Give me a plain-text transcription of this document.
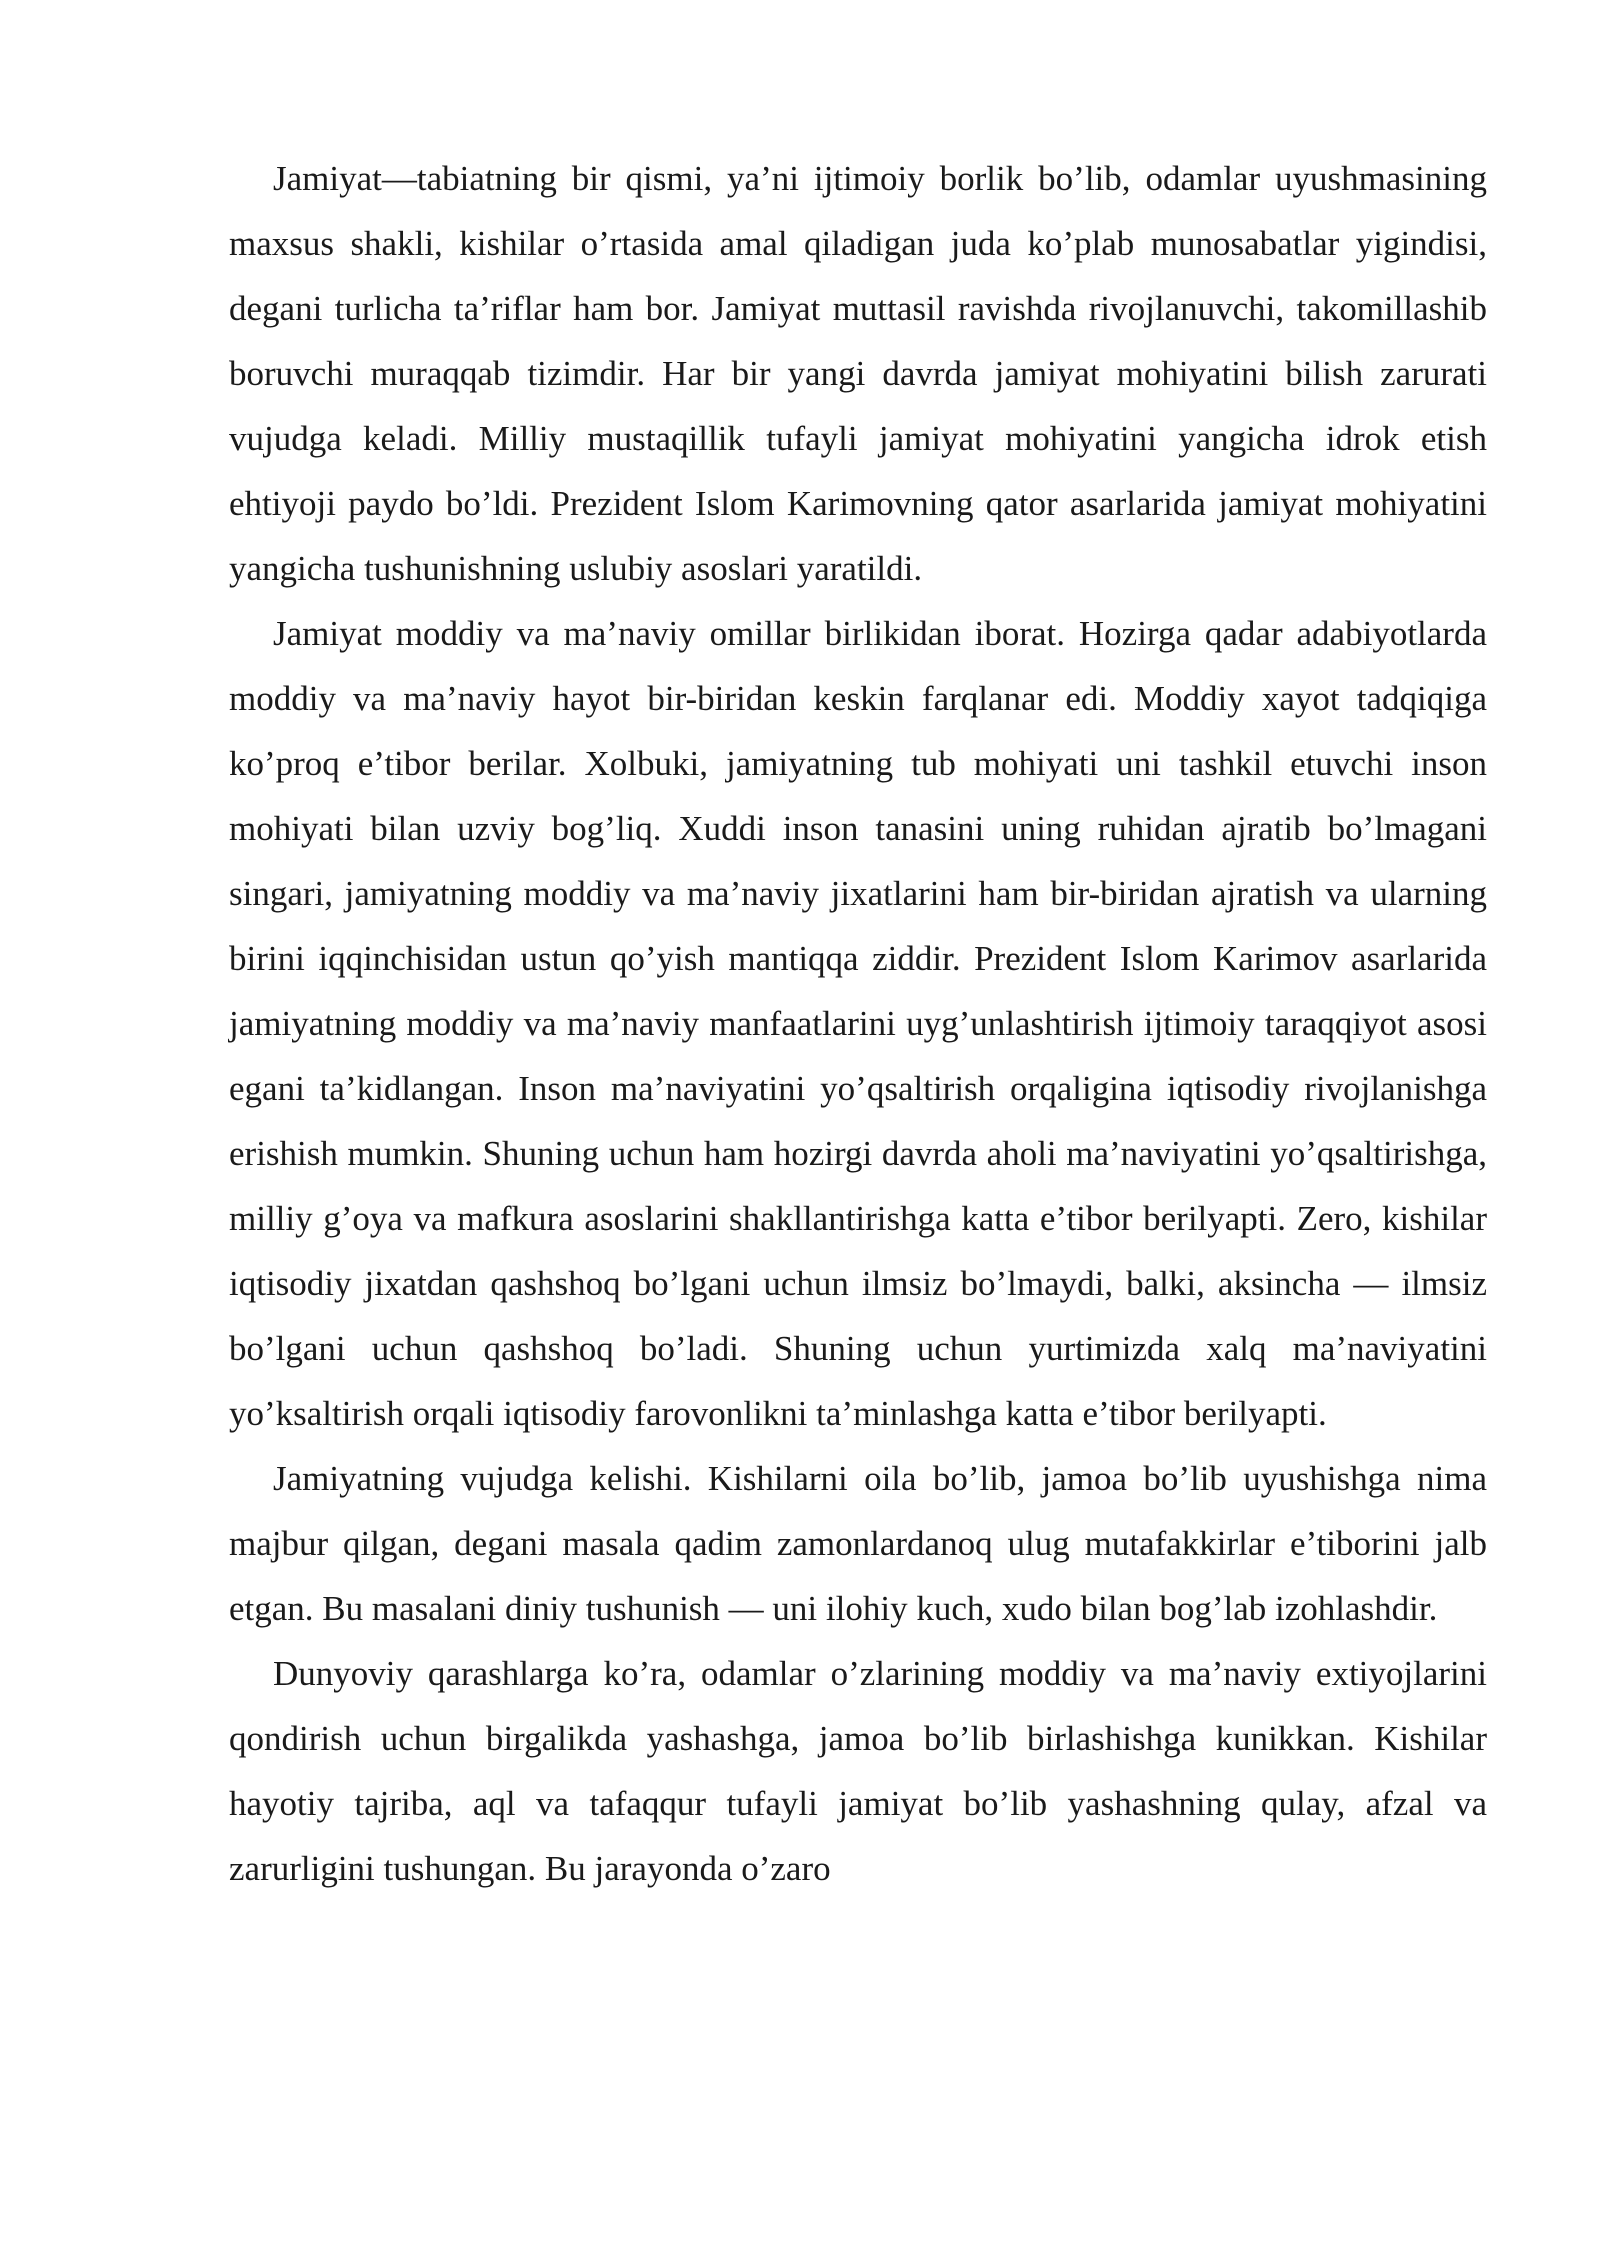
Jamiyat—tabiatning bir qismi, ya’ni ijtimoiy borlik bo’lib, odamlar uyushmasining maxsus shakli, kishilar o’rtasida amal qiladigan juda ko’plab munosabatlar yigindisi, degani turlicha ta’riflar ham bor. Jamiyat muttasil ravishda rivojlanuvchi, takomillashib boruvchi muraqqab tizimdir. Har bir yangi davrda jamiyat mohiyatini bilish zarurati vujudga keladi. Milliy mustaqillik tufayli jamiyat mohiyatini yangicha idrok etish ehtiyoji paydo bo’ldi. Prezident Islom Karimovning qator asarlarida jamiyat mohiyatini yangicha tushunishning uslubiy asoslari yaratildi.

Jamiyat moddiy va ma’naviy omillar birlikidan iborat. Hozirga qadar adabiyotlarda moddiy va ma’naviy hayot bir-biridan keskin farqlanar edi. Moddiy xayot tadqiqiga ko’proq e’tibor berilar. Xolbuki, jamiyatning tub mohiyati uni tashkil etuvchi inson mohiyati bilan uzviy bog’liq. Xuddi inson tanasini uning ruhidan ajratib bo’lmagani singari, jamiyatning moddiy va ma’naviy jixatlarini ham bir-biridan ajratish va ularning birini iqqinchisidan ustun qo’yish mantiqqa ziddir. Prezident Islom Karimov asarlarida jamiyatning moddiy va ma’naviy manfaatlarini uyg’unlashtirish ijtimoiy taraqqiyot asosi egani ta’kidlangan. Inson ma’naviyatini yo’qsaltirish orqaligina iqtisodiy rivojlanishga erishish mumkin. Shuning uchun ham hozirgi davrda aholi ma’naviyatini yo’qsaltirishga, milliy g’oya va mafkura asoslarini shakllantirishga katta e’tibor berilyapti. Zero, kishilar iqtisodiy jixatdan qashshoq bo’lgani uchun ilmsiz bo’lmaydi, balki, aksincha — ilmsiz bo’lgani uchun qashshoq bo’ladi. Shuning uchun yurtimizda xalq ma’naviyatini yo’ksaltirish orqali iqtisodiy farovonlikni ta’minlashga katta e’tibor berilyapti.

Jamiyatning vujudga kelishi. Kishilarni oila bo’lib, jamoa bo’lib uyushishga nima majbur qilgan, degani masala qadim zamonlardanoq ulug mutafakkirlar e’tiborini jalb etgan. Bu masalani diniy tushunish — uni ilohiy kuch, xudo bilan bog’lab izohlashdir.

Dunyoviy qarashlarga ko’ra, odamlar o’zlarining moddiy va ma’naviy extiyojlarini qondirish uchun birgalikda yashashga, jamoa bo’lib birlashishga kunikkan. Kishilar hayotiy tajriba, aql va tafaqqur tufayli jamiyat bo’lib yashashning qulay, afzal va zarurligini tushungan. Bu jarayonda o’zaro
